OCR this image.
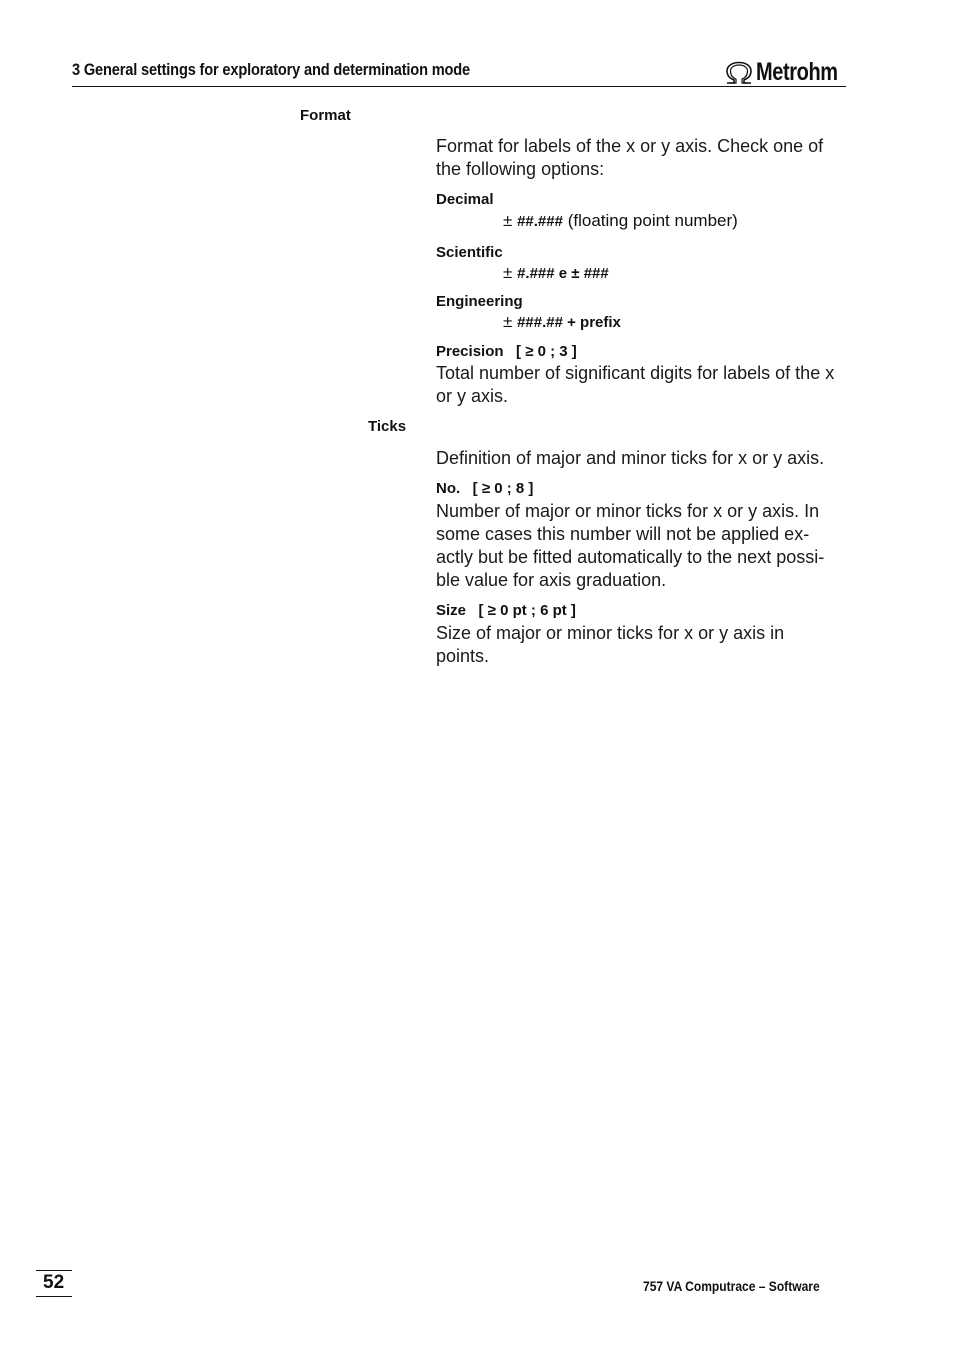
3 General settings for exploratory and determination mode	Metrohm
Format
Format for labels of the x or y axis. Check one of the following options:
Decimal
± ##.### (floating point number)
Scientific
± #.### e ± ###
Engineering
± ###.## + prefix
Precision   [ ≥ 0 ; 3 ]
Total number of significant digits for labels of the x or y axis.
Ticks
Definition of major and minor ticks for x or y axis.
No.   [ ≥ 0 ; 8 ]
Number of major or minor ticks for x or y axis. In some cases this number will not be applied ex-actly but be fitted automatically to the next possi-ble value for axis graduation.
Size   [ ≥ 0 pt ; 6 pt ]
Size of major or minor ticks for x or y axis in points.
52	757 VA Computrace – Software
